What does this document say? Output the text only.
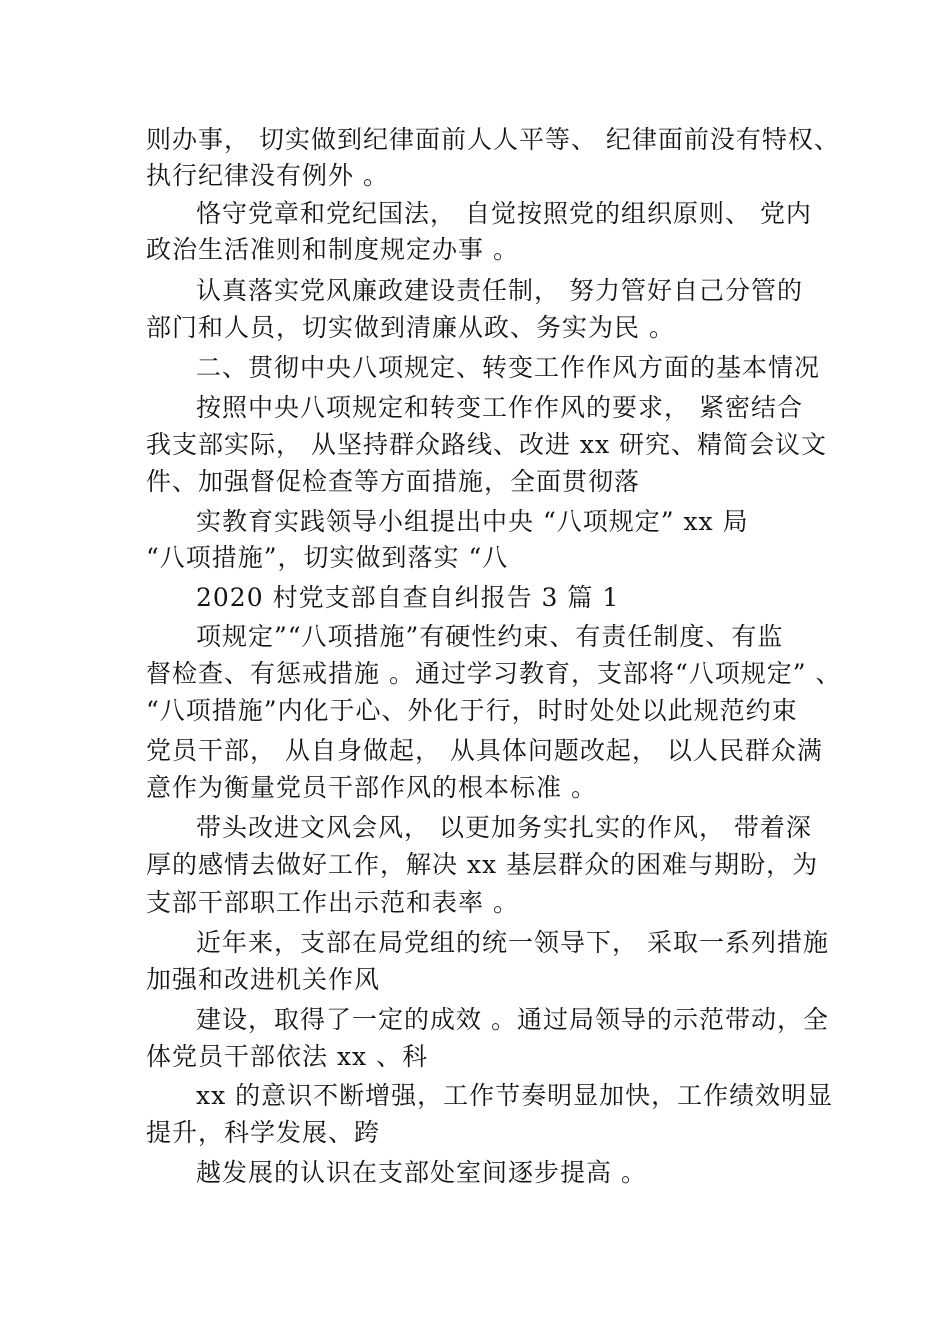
则办事， 切实做到纪律面前人人平等、 纪律面前没有特权、
执行纪律没有例外 。
恪守党章和党纪国法， 自觉按照党的组织原则、 党内
政治生活准则和制度规定办事 。
认真落实党风廉政建设责任制， 努力管好自己分管的
部门和人员，切实做到清廉从政、务实为民 。
二、贯彻中央八项规定、转变工作作风方面的基本情况
按照中央八项规定和转变工作作风的要求， 紧密结合
我支部实际， 从坚持群众路线、改进 xx 研究、精简会议文
件、加强督促检查等方面措施，全面贯彻落
实教育实践领导小组提出中央 “八项规定” xx 局
“八项措施”，切实做到落实 “八
2020 村党支部自查自纠报告 3 篇 1
项规定”“八项措施”有硬性约束、有责任制度、有监
督检查、有惩戒措施 。通过学习教育，支部将“八项规定” 、
“八项措施”内化于心、外化于行，时时处处以此规范约束
党员干部， 从自身做起， 从具体问题改起， 以人民群众满
意作为衡量党员干部作风的根本标准 。
带头改进文风会风， 以更加务实扎实的作风， 带着深
厚的感情去做好工作，解决 xx 基层群众的困难与期盼，为
支部干部职工作出示范和表率 。
近年来，支部在局党组的统一领导下， 采取一系列措施
加强和改进机关作风
建设，取得了一定的成效 。通过局领导的示范带动，全
体党员干部依法 xx 、科
xx 的意识不断增强，工作节奏明显加快，工作绩效明显
提升，科学发展、跨
越发展的认识在支部处室间逐步提高 。
